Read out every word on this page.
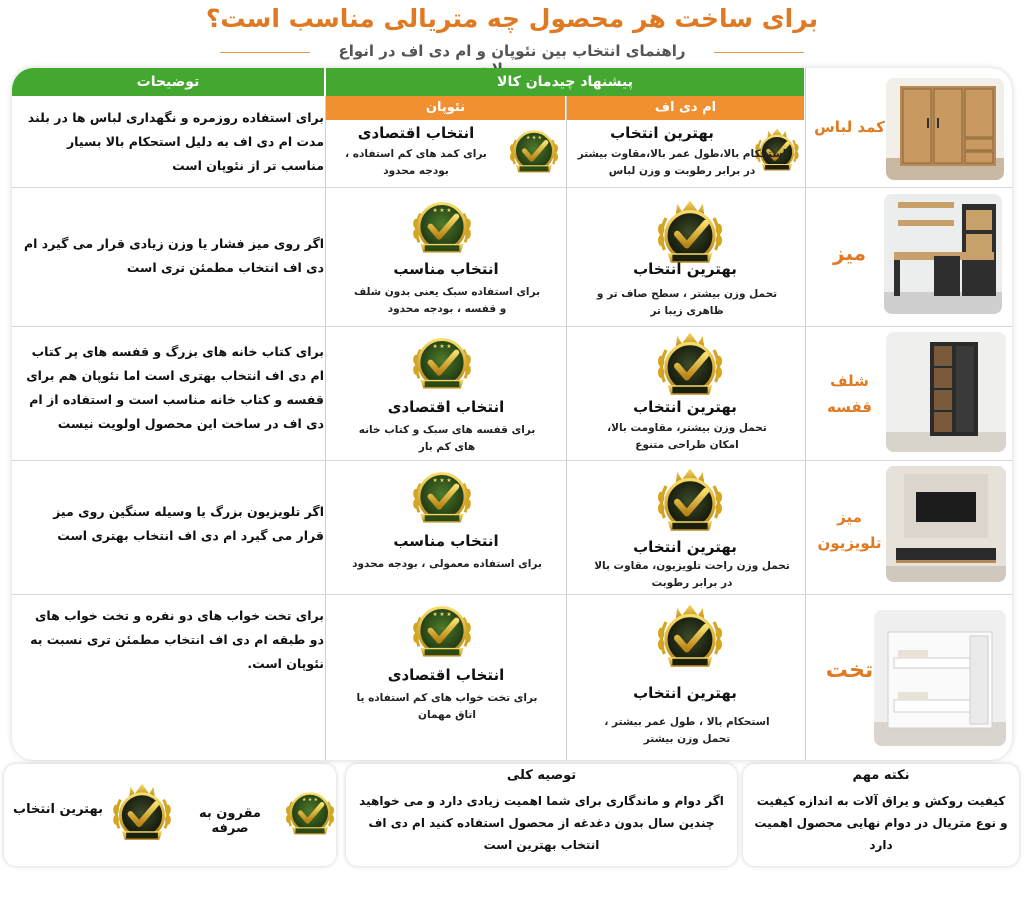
برای ساخت هر محصول چه متریالی مناسب است؟
راهنمای انتخاب بین نئوپان و ام دی اف در انواع
توضیحات	پیشنهاد چیدمان کالا
ام دی اف
نئوپان
کمد لباس
بهترین انتخاب
استحکام بالا،طول عمر بالا،مقاوت بیشتر در برابر رطوبت و وزن لباس
انتخاب اقتصادی
برای کمد های کم استفاده ، بودجه محدود
برای استفاده روزمره و نگهداری لباس ها در بلند مدت ام دی اف به دلیل استحکام بالا بسیار مناسب تر از نئوپان است
میز
بهترین انتخاب
تحمل وزن بیشتر ، سطح صاف تر و ظاهری زیبا تر
انتخاب مناسب
برای استفاده سبک یعنی بدون شلف و قفسه ، بودجه محدود
اگر روی میز فشار یا وزن زیادی قرار می گیرد ام دی اف انتخاب مطمئن تری است
شلف قفسه
بهترین انتخاب
تحمل وزن بیشتر، مقاومت بالا، امکان طراحی متنوع
انتخاب اقتصادی
برای قفسه های سبک و کتاب خانه های کم بار
برای کتاب خانه های بزرگ و قفسه های پر کتاب ام دی اف انتخاب بهتری است اما نئوپان هم برای قفسه و کتاب خانه مناسب است و استفاده از ام دی اف در ساخت این محصول اولویت نیست
میز تلویزیون
بهترین انتخاب
تحمل وزن راحت تلویزیون، مقاوت بالا در برابر رطوبت
انتخاب مناسب
برای استفاده معمولی ، بودجه محدود
اگر تلویزیون بزرگ یا وسیله سنگین روی میز قرار می گیرد ام دی اف انتخاب بهتری است
تخت
بهترین انتخاب
استحکام بالا ، طول عمر بیشتر ، تحمل وزن بیشتر
انتخاب اقتصادی
برای تخت خواب های کم استفاده یا اتاق مهمان
برای تخت خواب های دو نفره و تخت خواب های دو طبقه ام دی اف انتخاب مطمئن تری نسبت به نئوپان است.
بهترین انتخاب	مقرون به صرفه
توصیه کلی
اگر دوام و ماندگاری برای شما اهمیت زیادی دارد و می خواهید چندین سال بدون دغدغه از محصول استفاده کنید ام دی اف انتخاب بهترین است
نکته مهم
کیفیت روکش و یراق آلات به اندازه کیفیت و نوع متریال در دوام نهایی محصول اهمیت دارد
